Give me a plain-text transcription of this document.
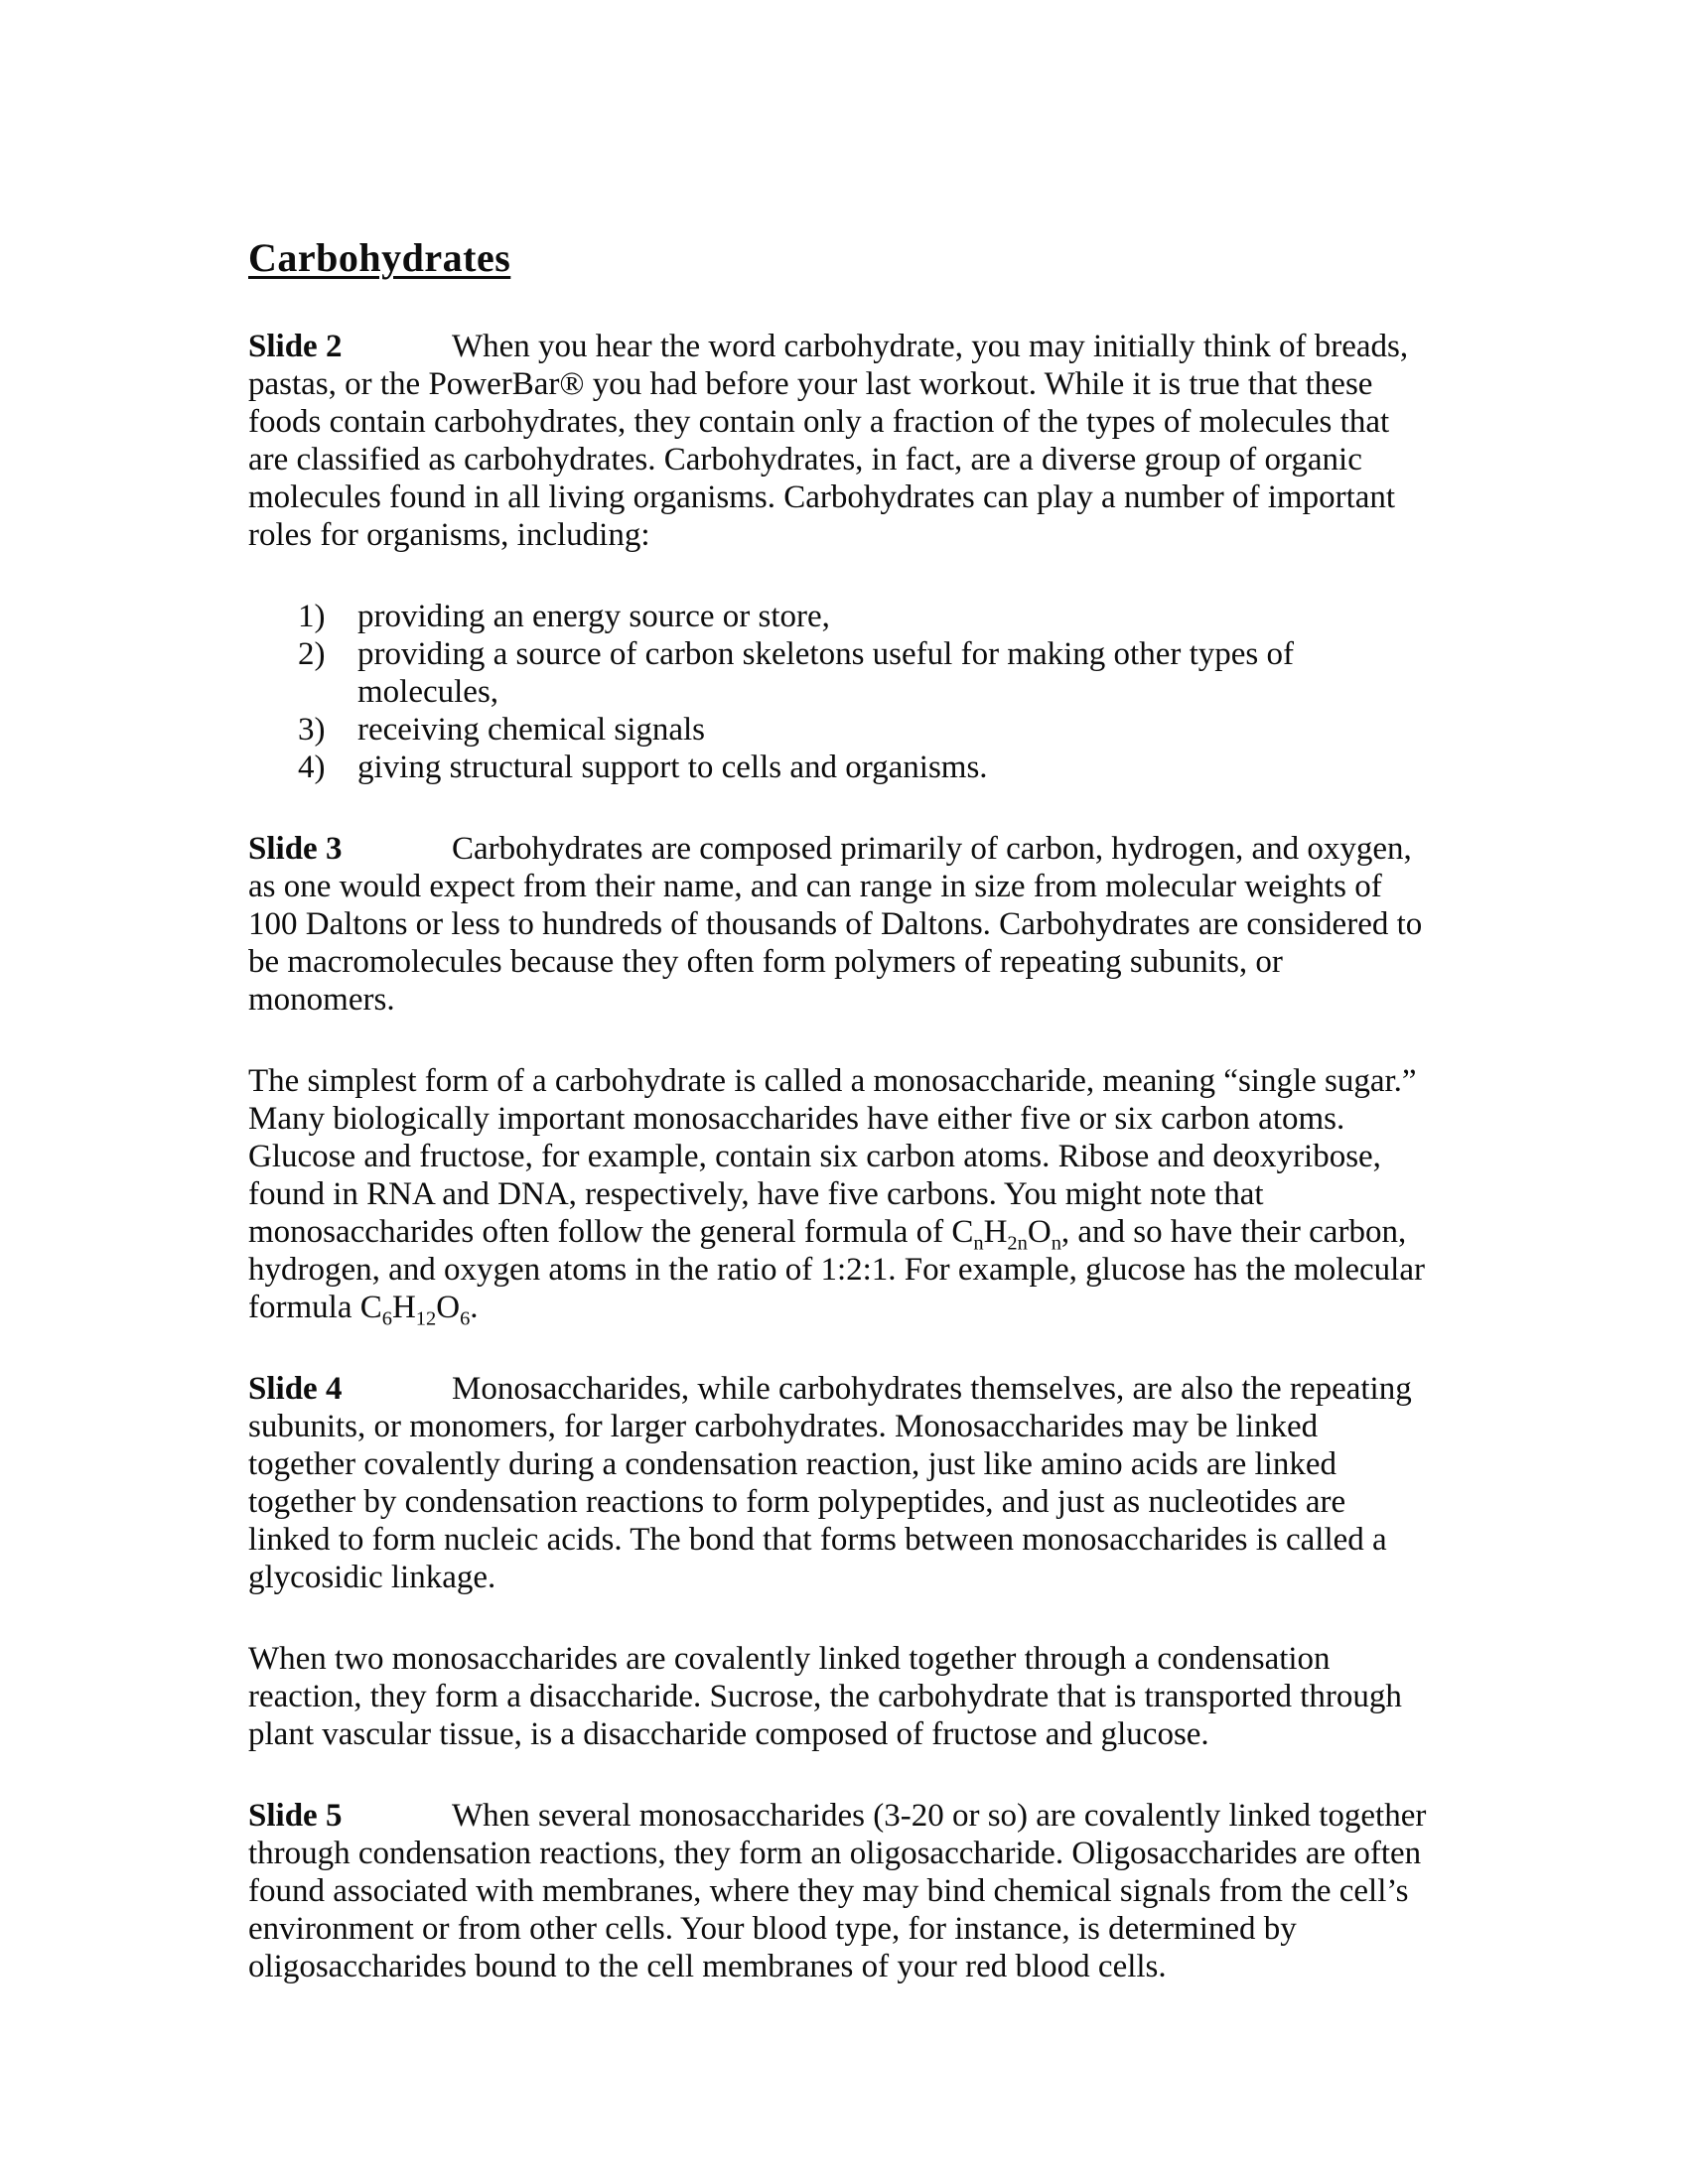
Carbohydrates
Slide 2	When you hear the word carbohydrate, you may initially think of breads,
pastas, or the PowerBar® you had before your last workout. While it is true that these
foods contain carbohydrates, they contain only a fraction of the types of molecules that
are classified as carbohydrates. Carbohydrates, in fact, are a diverse group of organic
molecules found in all living organisms. Carbohydrates can play a number of important
roles for organisms, including:
1) providing an energy source or store,
2) providing a source of carbon skeletons useful for making other types of
molecules,
3) receiving chemical signals
4) giving structural support to cells and organisms.
Slide 3	Carbohydrates are composed primarily of carbon, hydrogen, and oxygen,
as one would expect from their name, and can range in size from molecular weights of
100 Daltons or less to hundreds of thousands of Daltons. Carbohydrates are considered to
be macromolecules because they often form polymers of repeating subunits, or
monomers.
The simplest form of a carbohydrate is called a monosaccharide, meaning “single sugar.”
Many biologically important monosaccharides have either five or six carbon atoms.
Glucose and fructose, for example, contain six carbon atoms. Ribose and deoxyribose,
found in RNA and DNA, respectively, have five carbons. You might note that
monosaccharides often follow the general formula of $C_nH_{2n}O_n$, and so have their carbon,
hydrogen, and oxygen atoms in the ratio of 1:2:1. For example, glucose has the molecular
formula $C_6H_{12}O_6$.
Slide 4	Monosaccharides, while carbohydrates themselves, are also the repeating
subunits, or monomers, for larger carbohydrates. Monosaccharides may be linked
together covalently during a condensation reaction, just like amino acids are linked
together by condensation reactions to form polypeptides, and just as nucleotides are
linked to form nucleic acids. The bond that forms between monosaccharides is called a
glycosidic linkage.
When two monosaccharides are covalently linked together through a condensation
reaction, they form a disaccharide. Sucrose, the carbohydrate that is transported through
plant vascular tissue, is a disaccharide composed of fructose and glucose.
Slide 5	When several monosaccharides (3-20 or so) are covalently linked together
through condensation reactions, they form an oligosaccharide. Oligosaccharides are often
found associated with membranes, where they may bind chemical signals from the cell’s
environment or from other cells. Your blood type, for instance, is determined by
oligosaccharides bound to the cell membranes of your red blood cells.
